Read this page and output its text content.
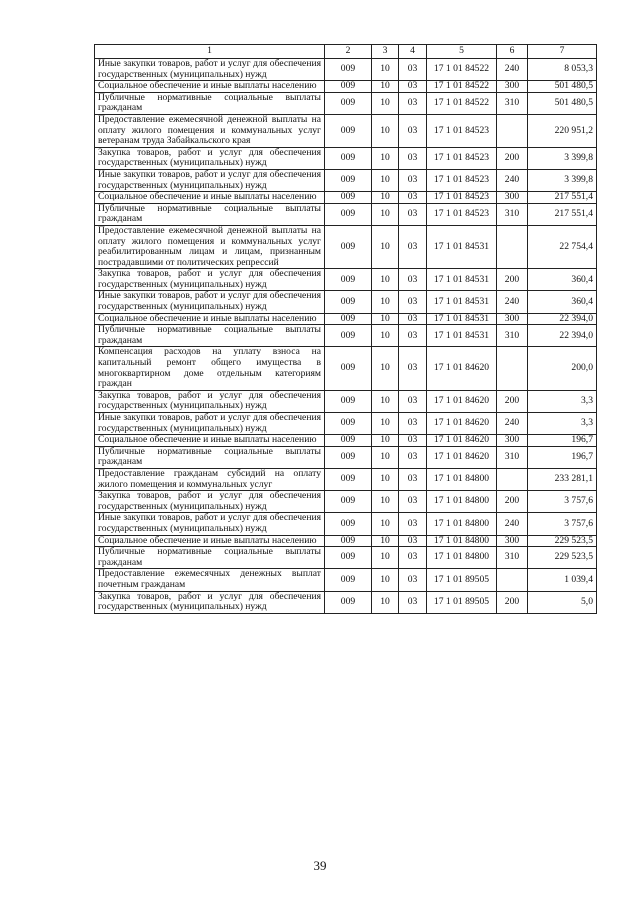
1	2	3	4	5	6	7
Иные закупки товаров, работ и услуг для обеспечения государственных (муниципальных) нужд	009	10	03	17 1 01 84522	240	8 053,3
Социальное обеспечение и иные выплаты населению	009	10	03	17 1 01 84522	300	501 480,5
Публичные нормативные социальные выплаты гражданам	009	10	03	17 1 01 84522	310	501 480,5
Предоставление ежемесячной денежной выплаты на оплату жилого помещения и коммунальных услуг ветеранам труда Забайкальского края	009	10	03	17 1 01 84523		220 951,2
Закупка товаров, работ и услуг для обеспечения государственных (муниципальных) нужд	009	10	03	17 1 01 84523	200	3 399,8
Иные закупки товаров, работ и услуг для обеспечения государственных (муниципальных) нужд	009	10	03	17 1 01 84523	240	3 399,8
Социальное обеспечение и иные выплаты населению	009	10	03	17 1 01 84523	300	217 551,4
Публичные нормативные социальные выплаты гражданам	009	10	03	17 1 01 84523	310	217 551,4
Предоставление ежемесячной денежной выплаты на оплату жилого помещения и коммунальных услуг реабилитированным лицам и лицам, признанным пострадавшими от политических репрессий	009	10	03	17 1 01 84531		22 754,4
Закупка товаров, работ и услуг для обеспечения государственных (муниципальных) нужд	009	10	03	17 1 01 84531	200	360,4
Иные закупки товаров, работ и услуг для обеспечения государственных (муниципальных) нужд	009	10	03	17 1 01 84531	240	360,4
Социальное обеспечение и иные выплаты населению	009	10	03	17 1 01 84531	300	22 394,0
Публичные нормативные социальные выплаты гражданам	009	10	03	17 1 01 84531	310	22 394,0
Компенсация расходов на уплату взноса на капитальный ремонт общего имущества в многоквартирном доме отдельным категориям граждан	009	10	03	17 1 01 84620		200,0
Закупка товаров, работ и услуг для обеспечения государственных (муниципальных) нужд	009	10	03	17 1 01 84620	200	3,3
Иные закупки товаров, работ и услуг для обеспечения государственных (муниципальных) нужд	009	10	03	17 1 01 84620	240	3,3
Социальное обеспечение и иные выплаты населению	009	10	03	17 1 01 84620	300	196,7
Публичные нормативные социальные выплаты гражданам	009	10	03	17 1 01 84620	310	196,7
Предоставление гражданам субсидий на оплату жилого помещения и коммунальных услуг	009	10	03	17 1 01 84800		233 281,1
Закупка товаров, работ и услуг для обеспечения государственных (муниципальных) нужд	009	10	03	17 1 01 84800	200	3 757,6
Иные закупки товаров, работ и услуг для обеспечения государственных (муниципальных) нужд	009	10	03	17 1 01 84800	240	3 757,6
Социальное обеспечение и иные выплаты населению	009	10	03	17 1 01 84800	300	229 523,5
Публичные нормативные социальные выплаты гражданам	009	10	03	17 1 01 84800	310	229 523,5
Предоставление ежемесячных денежных выплат почетным гражданам	009	10	03	17 1 01 89505		1 039,4
Закупка товаров, работ и услуг для обеспечения государственных (муниципальных) нужд	009	10	03	17 1 01 89505	200	5,0
39
